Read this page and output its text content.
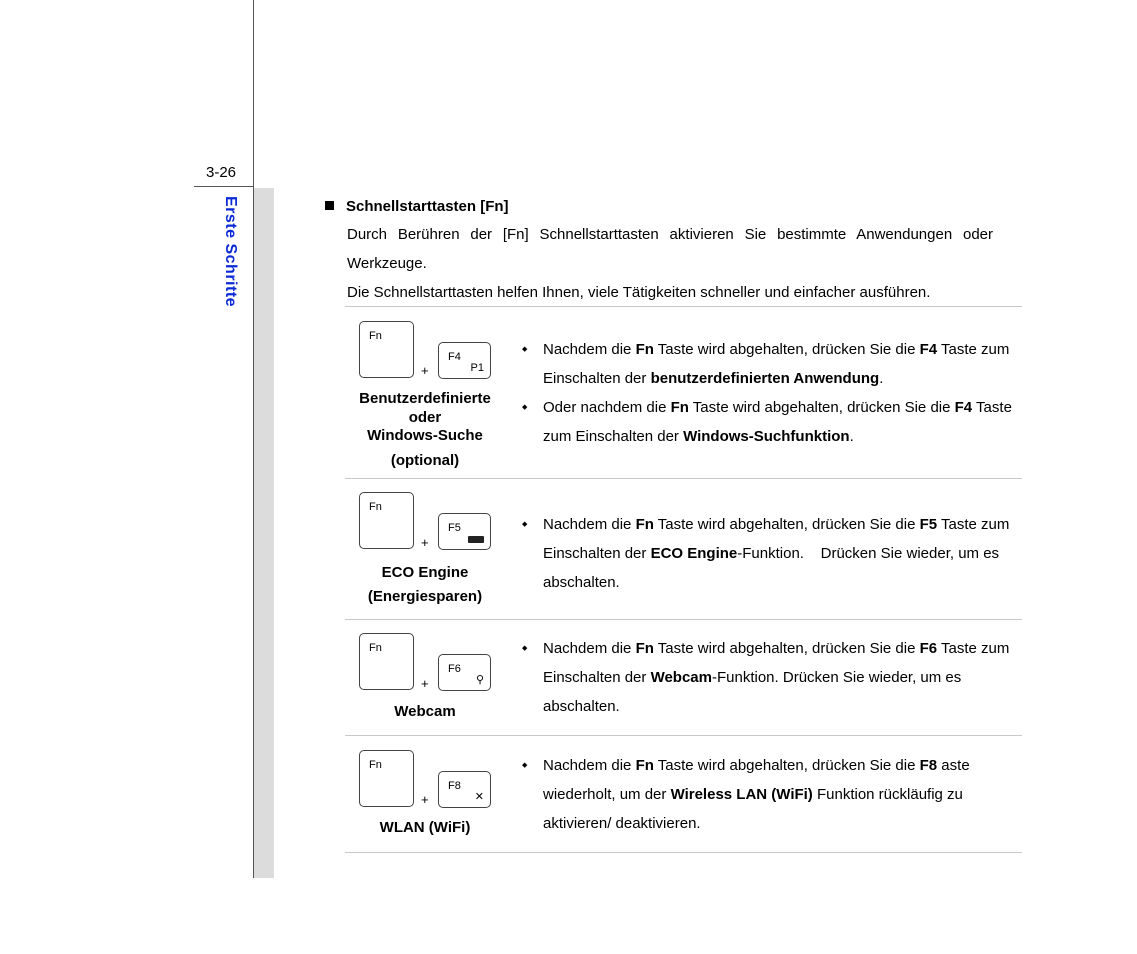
3-26
Erste Schritte	Schnellstarttasten [Fn]
Durch Berühren der [Fn] Schnellstarttasten aktivieren Sie bestimmte Anwendungen oder Werkzeuge.
Die Schnellstarttasten helfen Ihnen, viele Tätigkeiten schneller und einfacher ausführen.
Fn
+
F4
P1
Benutzerdefinierte
oder
Windows-Suche
(optional)
◆ Nachdem die Fn Taste wird abgehalten, drücken Sie die F4 Taste zum Einschalten der benutzerdefinierten Anwendung.
◆ Oder nachdem die Fn Taste wird abgehalten, drücken Sie die F4 Taste zum Einschalten der Windows-Suchfunktion.
Fn
+
F5
ECO Engine
(Energiesparen)
◆ Nachdem die Fn Taste wird abgehalten, drücken Sie die F5 Taste zum Einschalten der ECO Engine-Funktion.    Drücken Sie wieder, um es abschalten.
Fn
+
F6
⚲
Webcam
◆ Nachdem die Fn Taste wird abgehalten, drücken Sie die F6 Taste zum Einschalten der Webcam-Funktion. Drücken Sie wieder, um es abschalten.
Fn
+
F8
✕
WLAN (WiFi)
◆ Nachdem die Fn Taste wird abgehalten, drücken Sie die F8 aste wiederholt, um der Wireless LAN (WiFi) Funktion rückläufig zu aktivieren/ deaktivieren.
